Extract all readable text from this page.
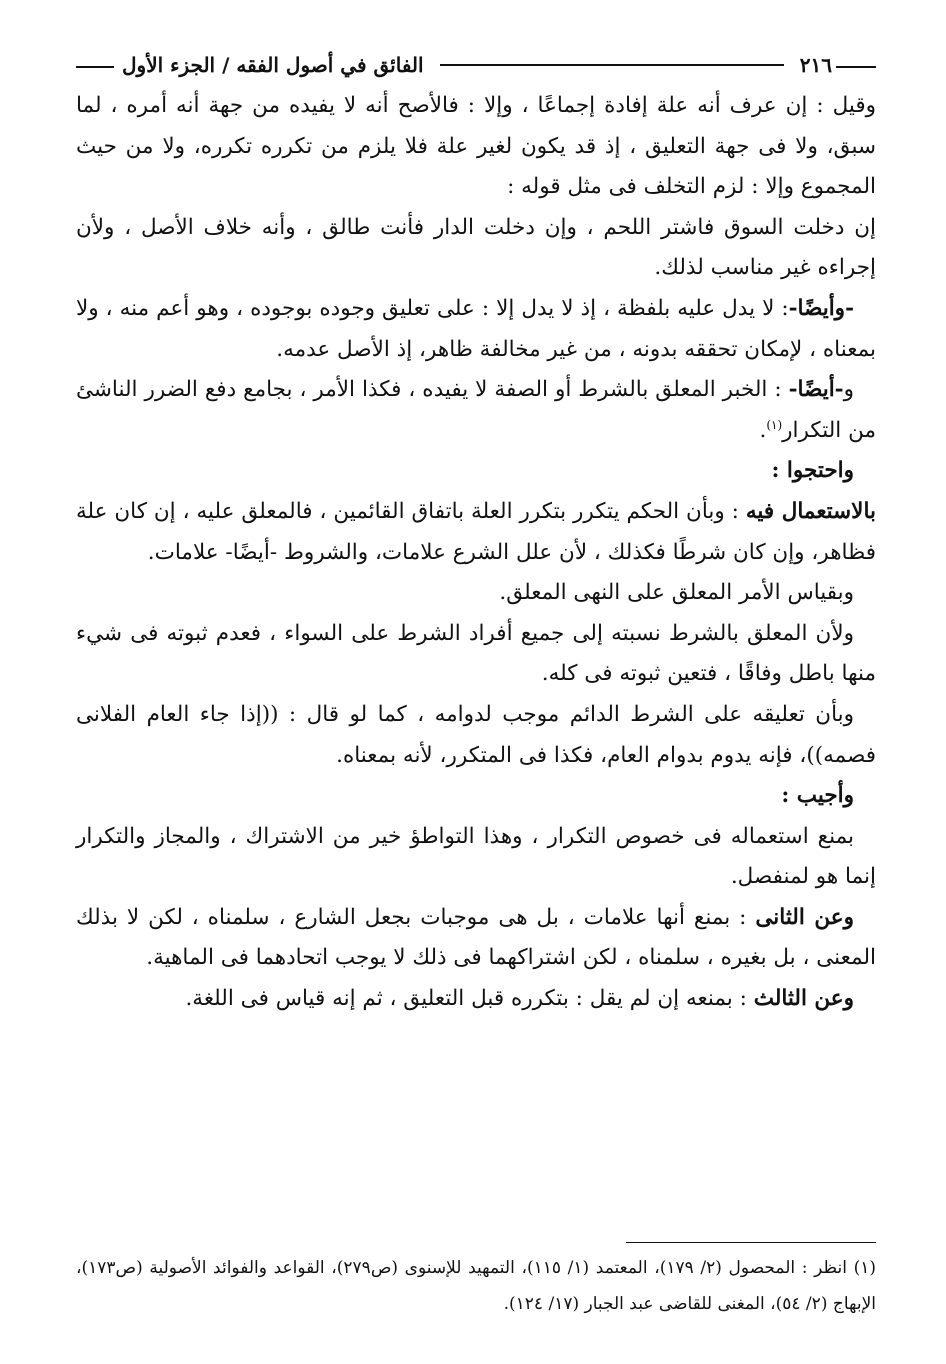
٢١٦
الفائق في أصول الفقه / الجزء الأول

وقيل : إن عرف أنه علة إفادة إجماعًا ، وإلا : فالأصح أنه لا يفيده من جهة أنه أمره ، لما سبق، ولا فى جهة التعليق ، إذ قد يكون لغير علة فلا يلزم من تكرره تكرره، ولا من حيث المجموع وإلا : لزم التخلف فى مثل قوله :

إن دخلت السوق فاشتر اللحم ، وإن دخلت الدار فأنت طالق ، وأنه خلاف الأصل ، ولأن إجراءه غير مناسب لذلك.

-وأيضًا-: لا يدل عليه بلفظة ، إذ لا يدل إلا : على تعليق وجوده بوجوده ، وهو أعم منه ، ولا بمعناه ، لإمكان تحققه بدونه ، من غير مخالفة ظاهر، إذ الأصل عدمه.

و-أيضًا- : الخبر المعلق بالشرط أو الصفة لا يفيده ، فكذا الأمر ، بجامع دفع الضرر الناشئ من التكرار$^{(١)}$.

واحتجوا :

بالاستعمال فيه : وبأن الحكم يتكرر بتكرر العلة باتفاق القائمين ، فالمعلق عليه ، إن كان علة فظاهر، وإن كان شرطًا فكذلك ، لأن علل الشرع علامات، والشروط -أيضًا- علامات.

وبقياس الأمر المعلق على النهى المعلق.

ولأن المعلق بالشرط نسبته إلى جميع أفراد الشرط على السواء ، فعدم ثبوته فى شيء منها باطل وفاقًا ، فتعين ثبوته فى كله.

وبأن تعليقه على الشرط الدائم موجب لدوامه ، كما لو قال : ((إذا جاء العام الفلانى فصمه))، فإنه يدوم بدوام العام، فكذا فى المتكرر، لأنه بمعناه.

وأجيب :

بمنع استعماله فى خصوص التكرار ، وهذا التواطؤ خير من الاشتراك ، والمجاز والتكرار إنما هو لمنفصل.

وعن الثانى : بمنع أنها علامات ، بل هى موجبات بجعل الشارع ، سلمناه ، لكن لا بذلك المعنى ، بل بغيره ، سلمناه ، لكن اشتراكهما فى ذلك لا يوجب اتحادهما فى الماهية.

وعن الثالث : بمنعه إن لم يقل : بتكرره قبل التعليق ، ثم إنه قياس فى اللغة.

(١) انظر : المحصول (٢/ ١٧٩)، المعتمد (١/ ١١٥)، التمهيد للإسنوى (ص٢٧٩)، القواعد والفوائد الأصولية (ص١٧٣)، الإبهاج (٢/ ٥٤)، المغنى للقاضى عبد الجبار (١٧/ ١٢٤).
